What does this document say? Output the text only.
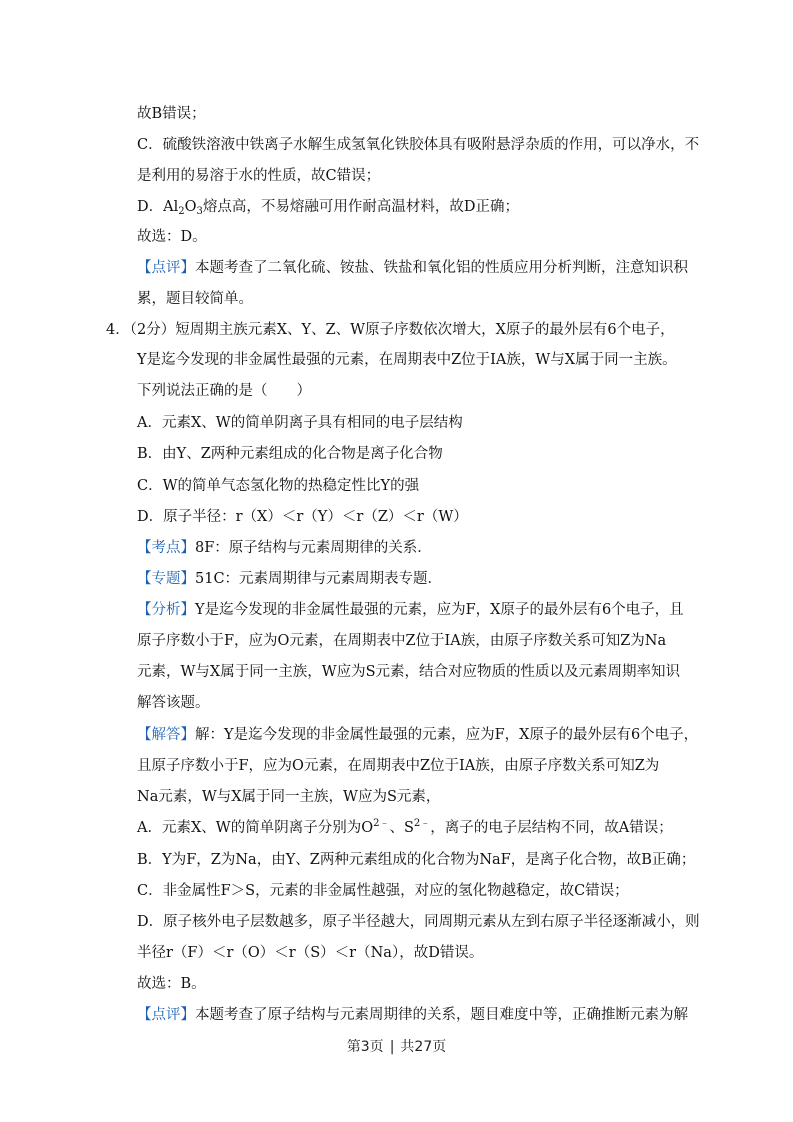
故B错误；
C．硫酸铁溶液中铁离子水解生成氢氧化铁胶体具有吸附悬浮杂质的作用，可以净水，不
是利用的易溶于水的性质，故C错误；
D．$Al_2O_3$熔点高，不易熔融可用作耐高温材料，故D正确；
故选：D。
【点评】本题考查了二氧化硫、铵盐、铁盐和氧化铝的性质应用分析判断，注意知识积
累，题目较简单。
4．（2分）短周期主族元素X、Y、Z、W原子序数依次增大，X原子的最外层有6个电子，
Y是迄今发现的非金属性最强的元素，在周期表中Z位于IA族，W与X属于同一主族。
下列说法正确的是（　　）
A．元素X、W的简单阴离子具有相同的电子层结构
B．由Y、Z两种元素组成的化合物是离子化合物
C．W的简单气态氢化物的热稳定性比Y的强
D．原子半径：r（X）＜r（Y）＜r（Z）＜r（W）
【考点】8F：原子结构与元素周期律的关系．
【专题】51C：元素周期律与元素周期表专题．
【分析】Y是迄今发现的非金属性最强的元素，应为F，X原子的最外层有6个电子，且
原子序数小于F，应为O元素，在周期表中Z位于IA族，由原子序数关系可知Z为Na
元素，W与X属于同一主族，W应为S元素，结合对应物质的性质以及元素周期率知识
解答该题。
【解答】解：Y是迄今发现的非金属性最强的元素，应为F，X原子的最外层有6个电子，
且原子序数小于F，应为O元素，在周期表中Z位于IA族，由原子序数关系可知Z为
Na元素，W与X属于同一主族，W应为S元素，
A．元素X、W的简单阴离子分别为$O^{2﹣}$、$S^{2﹣}$，离子的电子层结构不同，故A错误；
B．Y为F，Z为Na，由Y、Z两种元素组成的化合物为NaF，是离子化合物，故B正确；
C．非金属性F＞S，元素的非金属性越强，对应的氢化物越稳定，故C错误；
D．原子核外电子层数越多，原子半径越大，同周期元素从左到右原子半径逐渐减小，则
半径r（F）＜r（O）＜r（S）＜r（Na），故D错误。
故选：B。
【点评】本题考查了原子结构与元素周期律的关系，题目难度中等，正确推断元素为解
第3页 | 共27页
